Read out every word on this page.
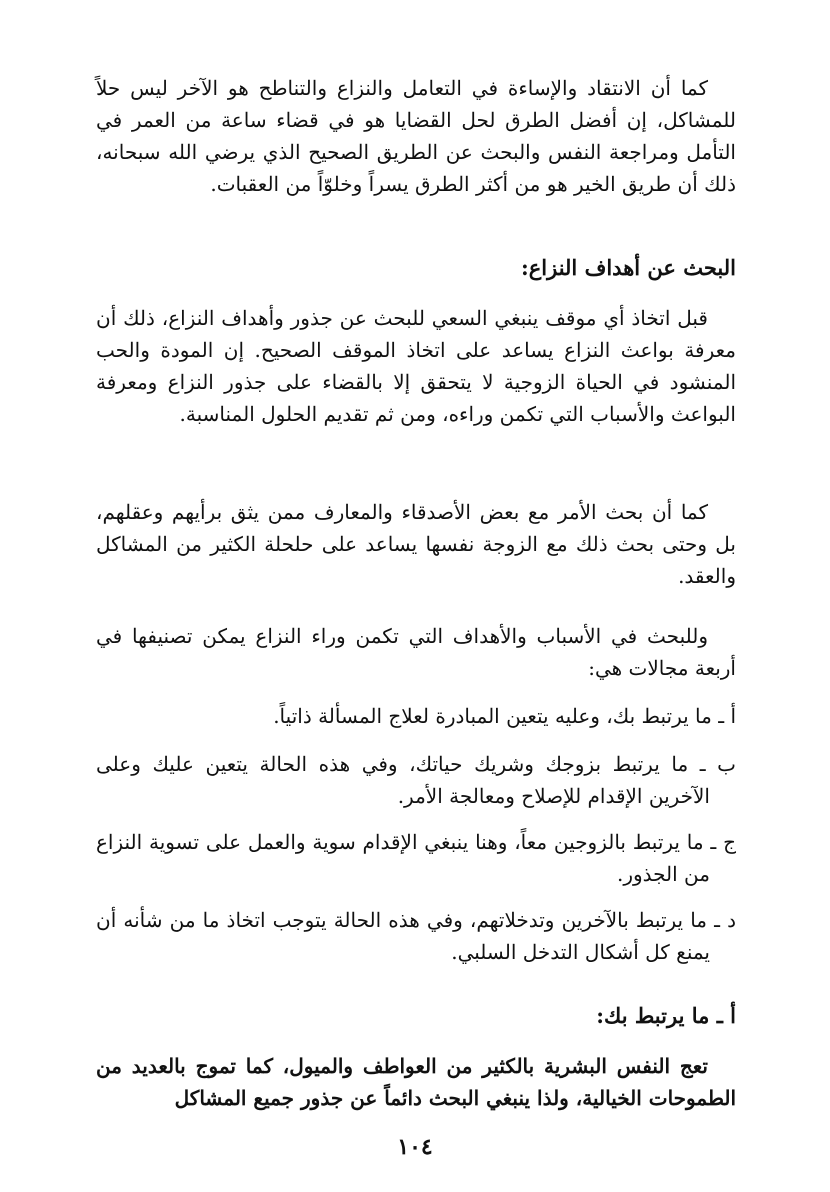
كما أن الانتقاد والإساءة في التعامل والنزاع والتناطح هو الآخر ليس حلاً للمشاكل، إن أفضل الطرق لحل القضايا هو في قضاء ساعة من العمر في التأمل ومراجعة النفس والبحث عن الطريق الصحيح الذي يرضي الله سبحانه، ذلك أن طريق الخير هو من أكثر الطرق يسراً وخلوّاً من العقبات.

البحث عن أهداف النزاع:

قبل اتخاذ أي موقف ينبغي السعي للبحث عن جذور وأهداف النزاع، ذلك أن معرفة بواعث النزاع يساعد على اتخاذ الموقف الصحيح. إن المودة والحب المنشود في الحياة الزوجية لا يتحقق إلا بالقضاء على جذور النزاع ومعرفة البواعث والأسباب التي تكمن وراءه، ومن ثم تقديم الحلول المناسبة.

كما أن بحث الأمر مع بعض الأصدقاء والمعارف ممن يثق برأيهم وعقلهم، بل وحتى بحث ذلك مع الزوجة نفسها يساعد على حلحلة الكثير من المشاكل والعقد.

وللبحث في الأسباب والأهداف التي تكمن وراء النزاع يمكن تصنيفها في أربعة مجالات هي:

أ ـ ما يرتبط بك، وعليه يتعين المبادرة لعلاج المسألة ذاتياً.

ب ـ ما يرتبط بزوجك وشريك حياتك، وفي هذه الحالة يتعين عليك وعلى الآخرين الإقدام للإصلاح ومعالجة الأمر.

ج ـ ما يرتبط بالزوجين معاً، وهنا ينبغي الإقدام سوية والعمل على تسوية النزاع من الجذور.

د ـ ما يرتبط بالآخرين وتدخلاتهم، وفي هذه الحالة يتوجب اتخاذ ما من شأنه أن يمنع كل أشكال التدخل السلبي.

أ ـ ما يرتبط بك:

تعج النفس البشرية بالكثير من العواطف والميول، كما تموج بالعديد من الطموحات الخيالية، ولذا ينبغي البحث دائماً عن جذور جميع المشاكل

١٠٤
